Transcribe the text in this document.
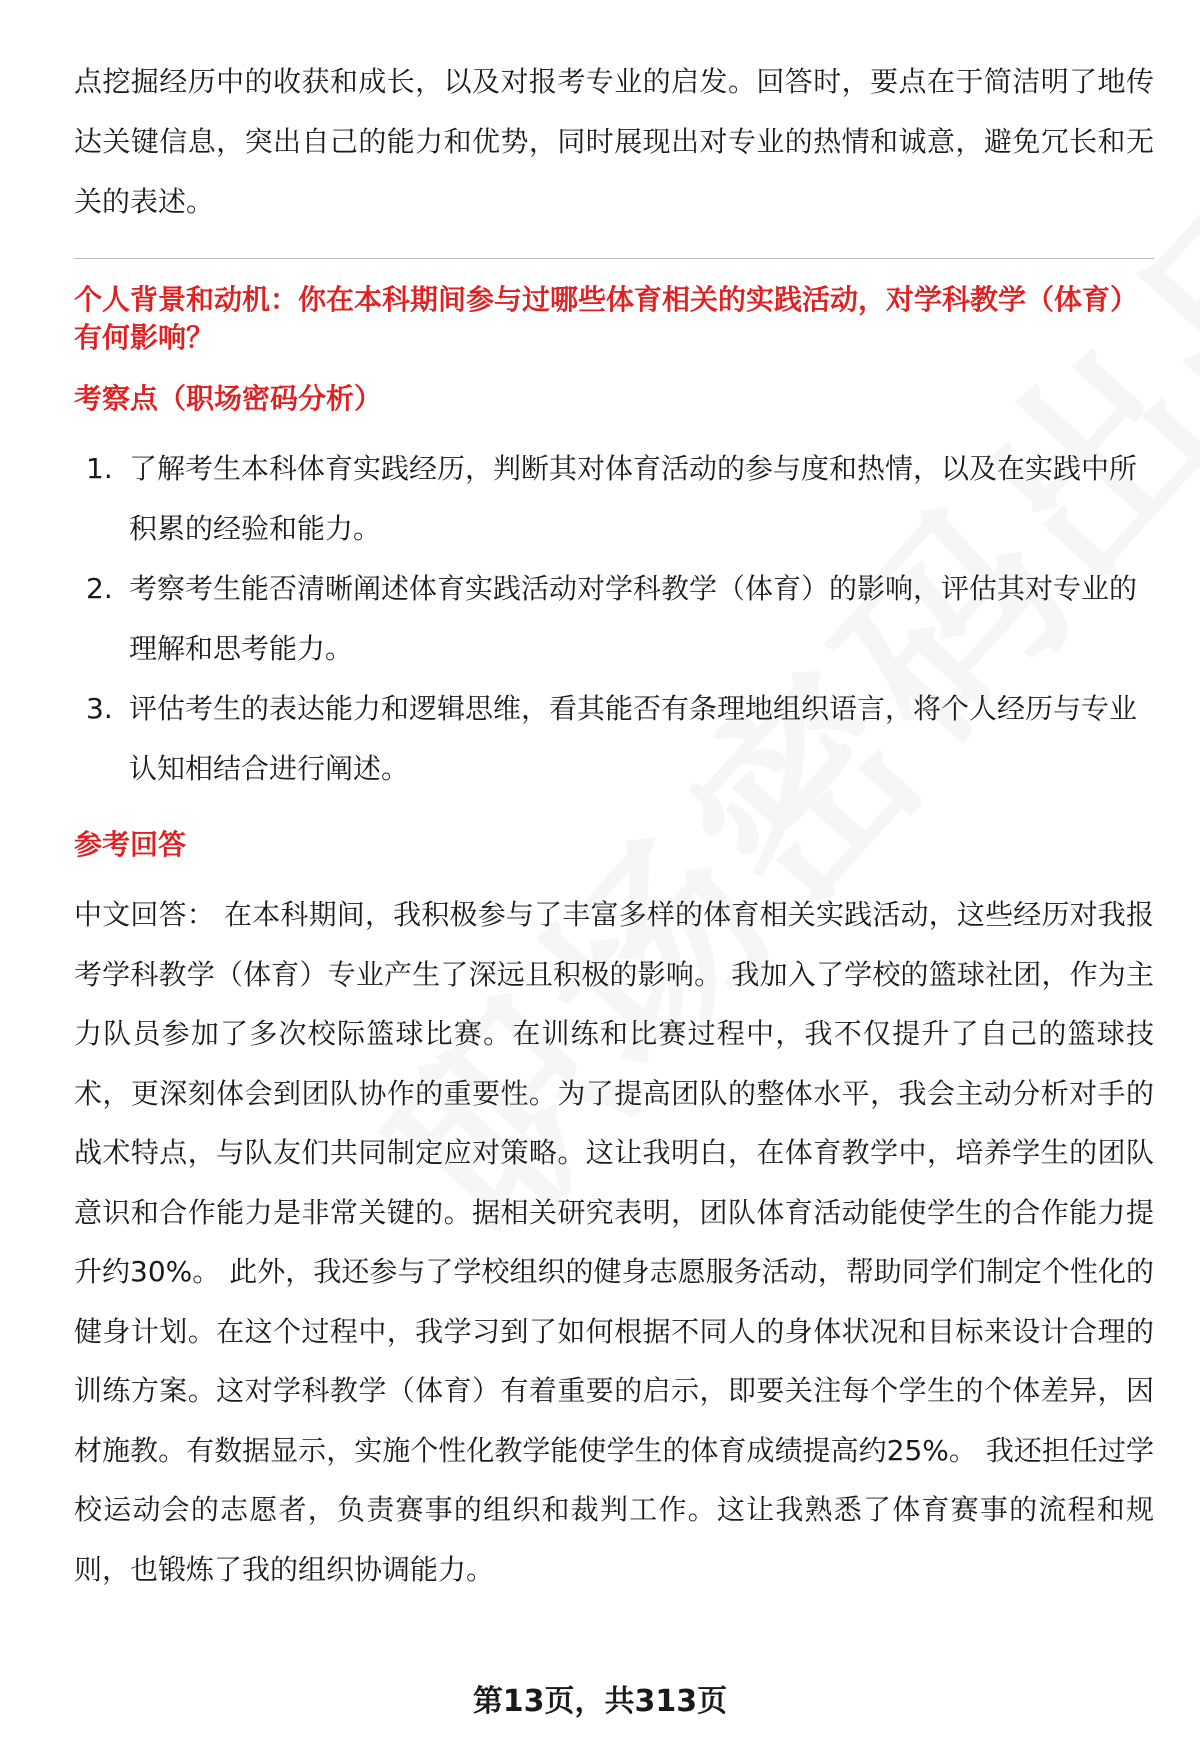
点挖掘经历中的收获和成长，以及对报考专业的启发。回答时，要点在于简洁明了地传达关键信息，突出自己的能力和优势，同时展现出对专业的热情和诚意，避免冗长和无关的表述。

个人背景和动机：你在本科期间参与过哪些体育相关的实践活动，对学科教学（体育）有何影响？

考察点（职场密码分析）

1. 了解考生本科体育实践经历，判断其对体育活动的参与度和热情，以及在实践中所积累的经验和能力。
2. 考察考生能否清晰阐述体育实践活动对学科教学（体育）的影响，评估其对专业的理解和思考能力。
3. 评估考生的表达能力和逻辑思维，看其能否有条理地组织语言，将个人经历与专业认知相结合进行阐述。

参考回答

中文回答： 在本科期间，我积极参与了丰富多样的体育相关实践活动，这些经历对我报考学科教学（体育）专业产生了深远且积极的影响。 我加入了学校的篮球社团，作为主力队员参加了多次校际篮球比赛。在训练和比赛过程中，我不仅提升了自己的篮球技术，更深刻体会到团队协作的重要性。为了提高团队的整体水平，我会主动分析对手的战术特点，与队友们共同制定应对策略。这让我明白，在体育教学中，培养学生的团队意识和合作能力是非常关键的。据相关研究表明，团队体育活动能使学生的合作能力提升约30%。 此外，我还参与了学校组织的健身志愿服务活动，帮助同学们制定个性化的健身计划。在这个过程中，我学习到了如何根据不同人的身体状况和目标来设计合理的训练方案。这对学科教学（体育）有着重要的启示，即要关注每个学生的个体差异，因材施教。有数据显示，实施个性化教学能使学生的体育成绩提高约25%。 我还担任过学校运动会的志愿者，负责赛事的组织和裁判工作。这让我熟悉了体育赛事的流程和规则，也锻炼了我的组织协调能力。

第13页，共313页
